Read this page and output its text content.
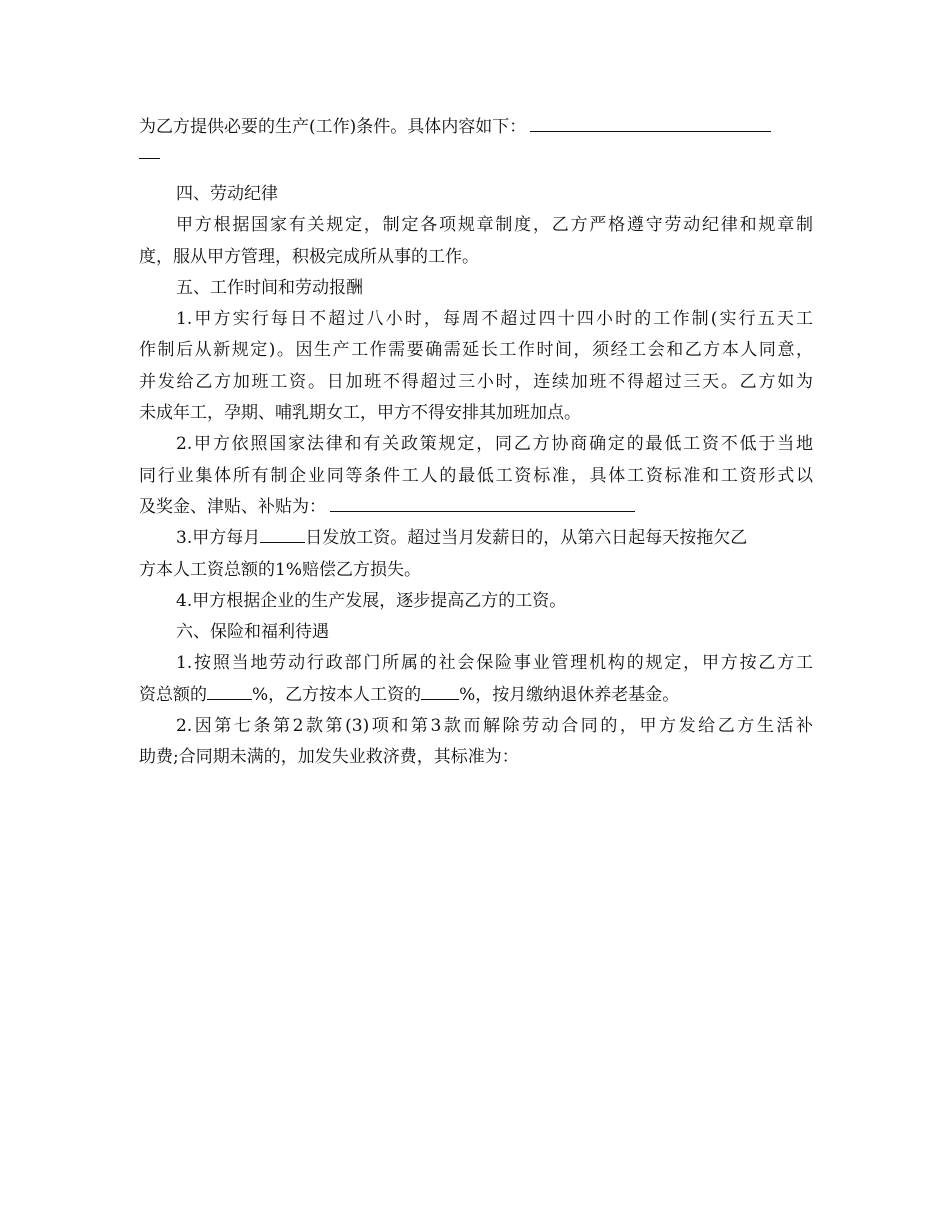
为乙方提供必要的生产(工作)条件。具体内容如下：
四、劳动纪律
甲方根据国家有关规定，制定各项规章制度，乙方严格遵守劳动纪律和规章制
度，服从甲方管理，积极完成所从事的工作。
五、工作时间和劳动报酬
1.甲方实行每日不超过八小时，每周不超过四十四小时的工作制(实行五天工
作制后从新规定)。因生产工作需要确需延长工作时间，须经工会和乙方本人同意，
并发给乙方加班工资。日加班不得超过三小时，连续加班不得超过三天。乙方如为
未成年工，孕期、哺乳期女工，甲方不得安排其加班加点。
2.甲方依照国家法律和有关政策规定，同乙方协商确定的最低工资不低于当地
同行业集体所有制企业同等条件工人的最低工资标准，具体工资标准和工资形式以
及奖金、津贴、补贴为：
3.甲方每月	日发放工资。超过当月发薪日的，从第六日起每天按拖欠乙
方本人工资总额的1%赔偿乙方损失。
4.甲方根据企业的生产发展，逐步提高乙方的工资。
六、保险和福利待遇
1.按照当地劳动行政部门所属的社会保险事业管理机构的规定，甲方按乙方工
资总额的	%，乙方按本人工资的 %，按月缴纳退休养老基金。
2.因第七条第2款第(3)项和第3款而解除劳动合同的，甲方发给乙方生活补
助费;合同期未满的，加发失业救济费，其标准为：
